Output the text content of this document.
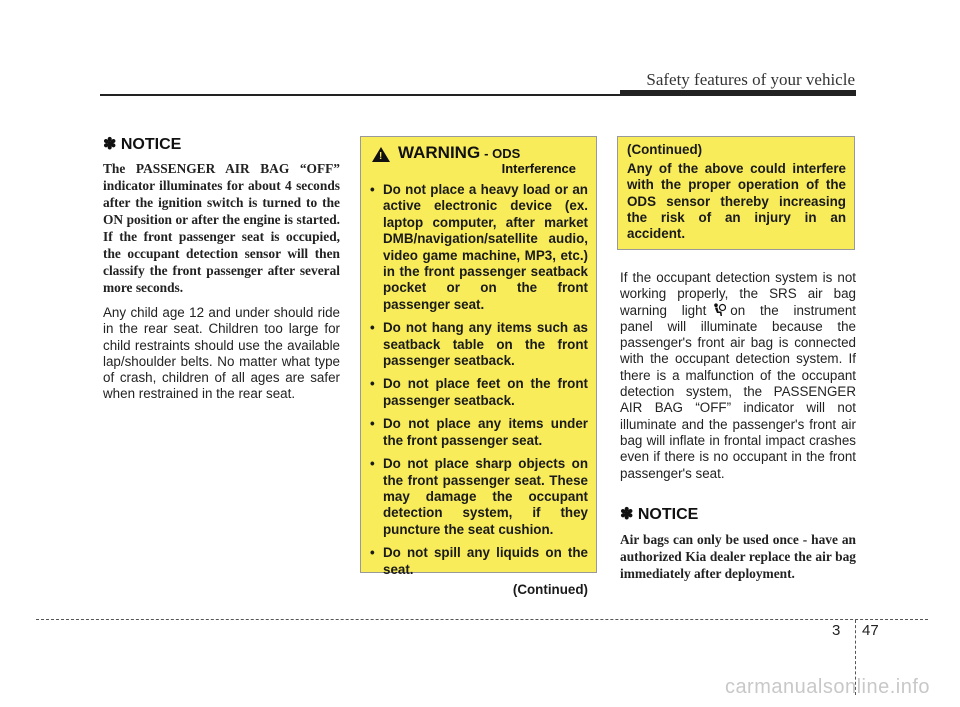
Safety features of your vehicle
✽ NOTICE

The PASSENGER AIR BAG “OFF” indicator illuminates for about 4 seconds after the ignition switch is turned to the ON position or after the engine is started. If the front passenger seat is occupied, the occupant detection sensor will then classify the front passenger after several more seconds.

Any child age 12 and under should ride in the rear seat. Children too large for child restraints should use the available lap/shoulder belts. No matter what type of crash, children of all ages are safer when restrained in the rear seat.

! WARNING - ODS
Interference
• Do not place a heavy load or an active electronic device (ex. laptop computer, after market DMB/navigation/satellite audio, video game machine, MP3, etc.) in the front passenger seatback pocket or on the front passenger seat.
• Do not hang any items such as seatback table on the front passenger seatback.
• Do not place feet on the front passenger seatback.
• Do not place any items under the front passenger seat.
• Do not place sharp objects on the front passenger seat. These may damage the occupant detection system, if they puncture the seat cushion.
• Do not spill any liquids on the seat.
(Continued)
(Continued)
Any of the above could interfere with the proper operation of the ODS sensor thereby increasing the risk of an injury in an accident.

If the occupant detection system is not working properly, the SRS air bag warning light on the instrument panel will illuminate because the passenger's front air bag is connected with the occupant detection system. If there is a malfunction of the occupant detection system, the PASSENGER AIR BAG “OFF” indicator will not illuminate and the passenger's front air bag will inflate in frontal impact crashes even if there is no occupant in the front passenger's seat.

✽ NOTICE

Air bags can only be used once - have an authorized Kia dealer replace the air bag immediately after deployment.

3 47
carmanualsonline.info
